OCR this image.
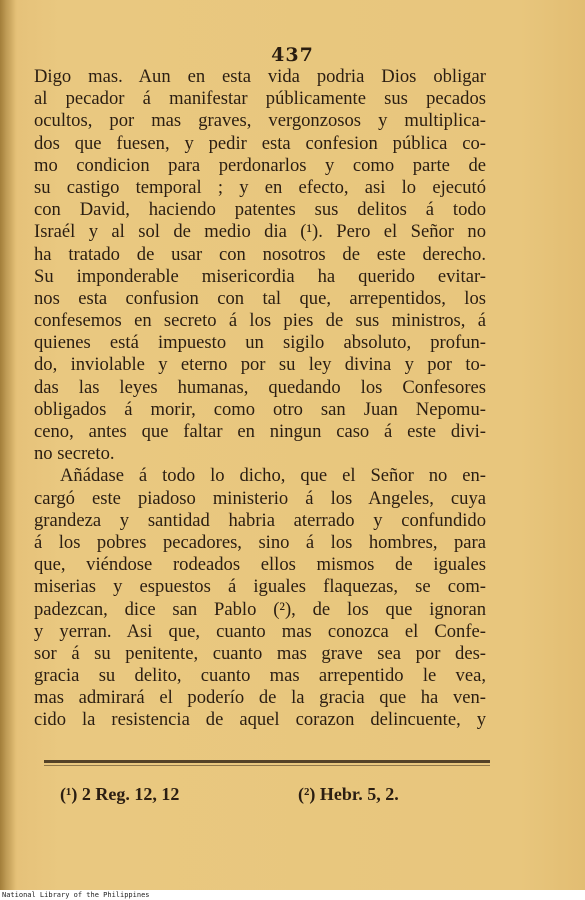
437
Digo mas. Aun en esta vida podria Dios obligar
al pecador á manifestar públicamente sus pecados
ocultos, por mas graves, vergonzosos y multiplica-
dos que fuesen, y pedir esta confesion pública co-
mo condicion para perdonarlos y como parte de
su castigo temporal ; y en efecto, asi lo ejecutó
con David, haciendo patentes sus delitos á todo
Israél y al sol de medio dia (¹). Pero el Señor no
ha tratado de usar con nosotros de este derecho.
Su imponderable misericordia ha querido evitar-
nos esta confusion con tal que, arrepentidos, los
confesemos en secreto á los pies de sus ministros, á
quienes está impuesto un sigilo absoluto, profun-
do, inviolable y eterno por su ley divina y por to-
das las leyes humanas, quedando los Confesores
obligados á morir, como otro san Juan Nepomu-
ceno, antes que faltar en ningun caso á este divi-
no secreto.
Añádase á todo lo dicho, que el Señor no en-
cargó este piadoso ministerio á los Angeles, cuya
grandeza y santidad habria aterrado y confundido
á los pobres pecadores, sino á los hombres, para
que, viéndose rodeados ellos mismos de iguales
miserias y espuestos á iguales flaquezas, se com-
padezcan, dice san Pablo (²), de los que ignoran
y yerran. Asi que, cuanto mas conozca el Confe-
sor á su penitente, cuanto mas grave sea por des-
gracia su delito, cuanto mas arrepentido le vea,
mas admirará el poderío de la gracia que ha ven-
cido la resistencia de aquel corazon delincuente, y
(¹) 2 Reg. 12, 12	(²) Hebr. 5, 2.
National Library of the Philippines
